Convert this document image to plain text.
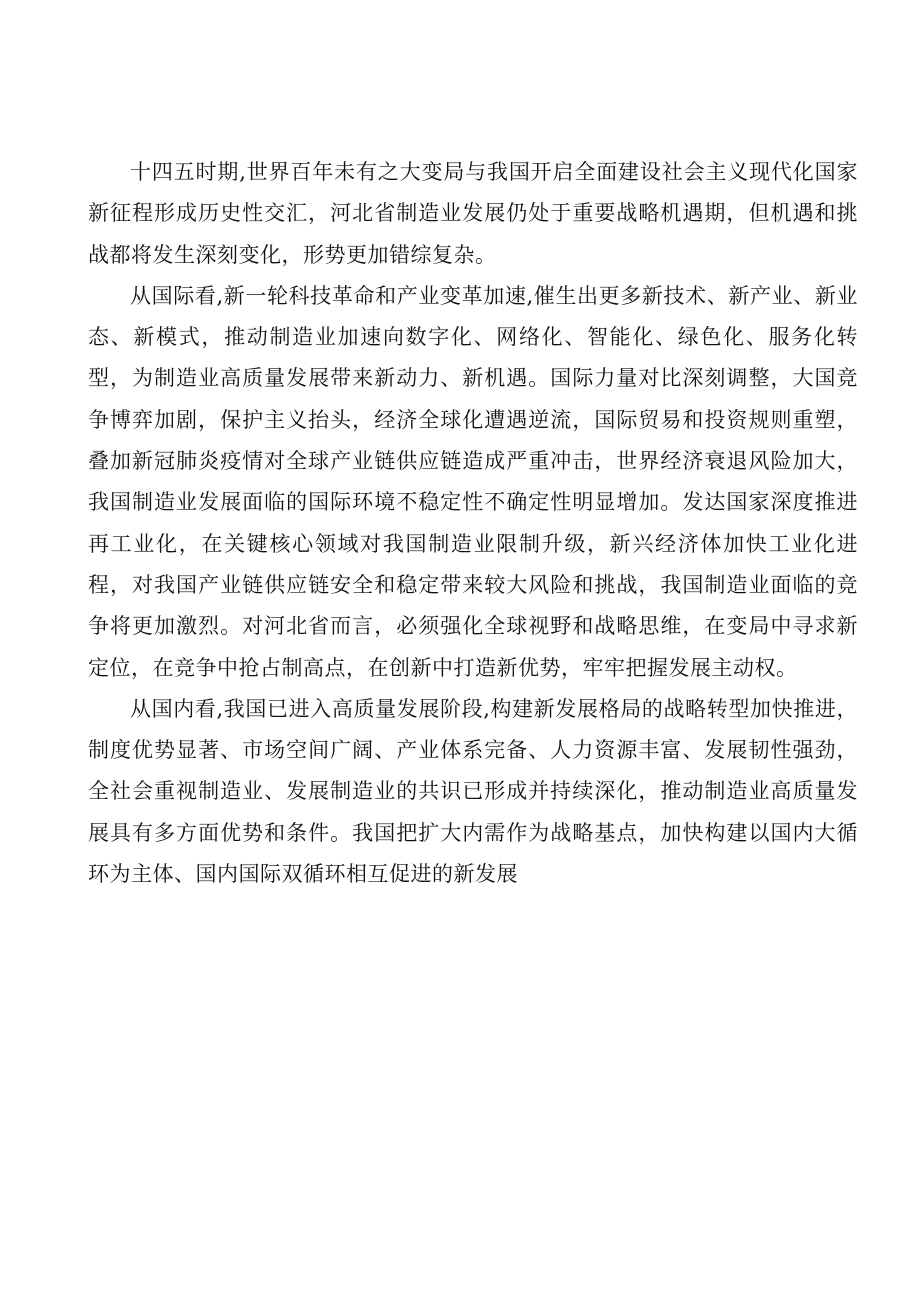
十四五时期,世界百年未有之大变局与我国开启全面建设社会主义现代化国家新征程形成历史性交汇，河北省制造业发展仍处于重要战略机遇期，但机遇和挑战都将发生深刻变化，形势更加错综复杂。

从国际看,新一轮科技革命和产业变革加速,催生出更多新技术、新产业、新业态、新模式，推动制造业加速向数字化、网络化、智能化、绿色化、服务化转型，为制造业高质量发展带来新动力、新机遇。国际力量对比深刻调整，大国竞争博弈加剧，保护主义抬头，经济全球化遭遇逆流，国际贸易和投资规则重塑，叠加新冠肺炎疫情对全球产业链供应链造成严重冲击，世界经济衰退风险加大，我国制造业发展面临的国际环境不稳定性不确定性明显增加。发达国家深度推进再工业化，在关键核心领域对我国制造业限制升级，新兴经济体加快工业化进程，对我国产业链供应链安全和稳定带来较大风险和挑战，我国制造业面临的竞争将更加激烈。对河北省而言，必须强化全球视野和战略思维，在变局中寻求新定位，在竞争中抢占制高点，在创新中打造新优势，牢牢把握发展主动权。

从国内看,我国已进入高质量发展阶段,构建新发展格局的战略转型加快推进，制度优势显著、市场空间广阔、产业体系完备、人力资源丰富、发展韧性强劲，全社会重视制造业、发展制造业的共识已形成并持续深化，推动制造业高质量发展具有多方面优势和条件。我国把扩大内需作为战略基点，加快构建以国内大循环为主体、国内国际双循环相互促进的新发展
